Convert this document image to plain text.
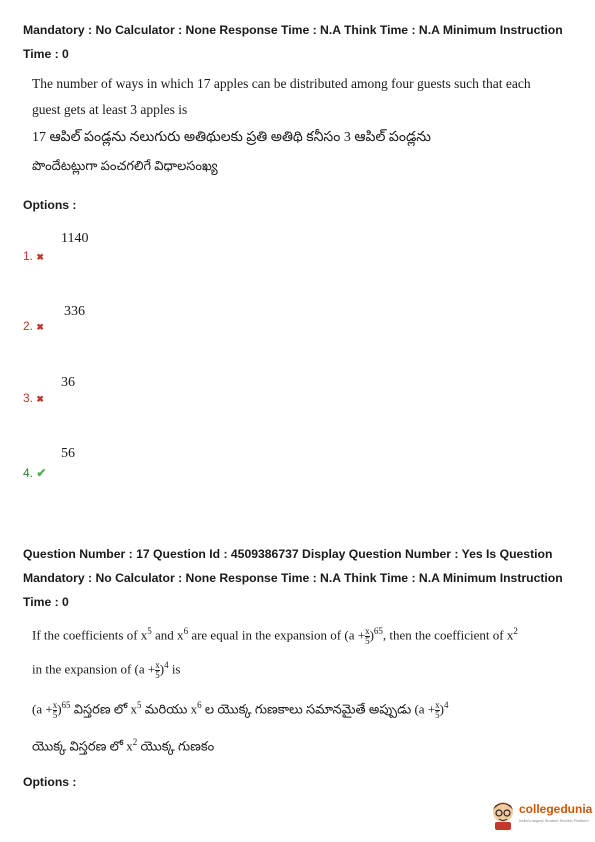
Mandatory : No Calculator : None Response Time : N.A Think Time : N.A Minimum Instruction
Time : 0
The number of ways in which 17 apples can be distributed among four guests such that each
guest gets at least 3 apples is
17 ఆపిల్ పండ్లను నలుగురు అతిథులకు ప్రతి అతిథి కనీసం 3 ఆపిల్ పండ్లను
పొందేటట్లుగా పంచగలిగే విధాలసంఖ్య
Options :
1140
1. ✖
336
2. ✖
36
3. ✖
56
4. ✔
Question Number : 17 Question Id : 4509386737 Display Question Number : Yes Is Question
Mandatory : No Calculator : None Response Time : N.A Think Time : N.A Minimum Instruction
Time : 0
If the coefficients of $x^5$ and $x^6$ are equal in the expansion of $(a + \frac{x}{5} )^{65}$, then the coefficient of $x^2$
in the expansion of $(a + \frac{x}{5} )^4$ is
$(a + \frac{x}{5} )^{65}$ విస్తరణ లో $x^5$ మరియు $x^6$ ల యొక్క గుణకాలు సమానమైతే అప్పుడు $(a + \frac{x}{5} )^4$
యొక్క విస్తరణ లో $x^2$ యొక్క గుణకం
Options :
collegedunia
India's largest Student Review Platform
